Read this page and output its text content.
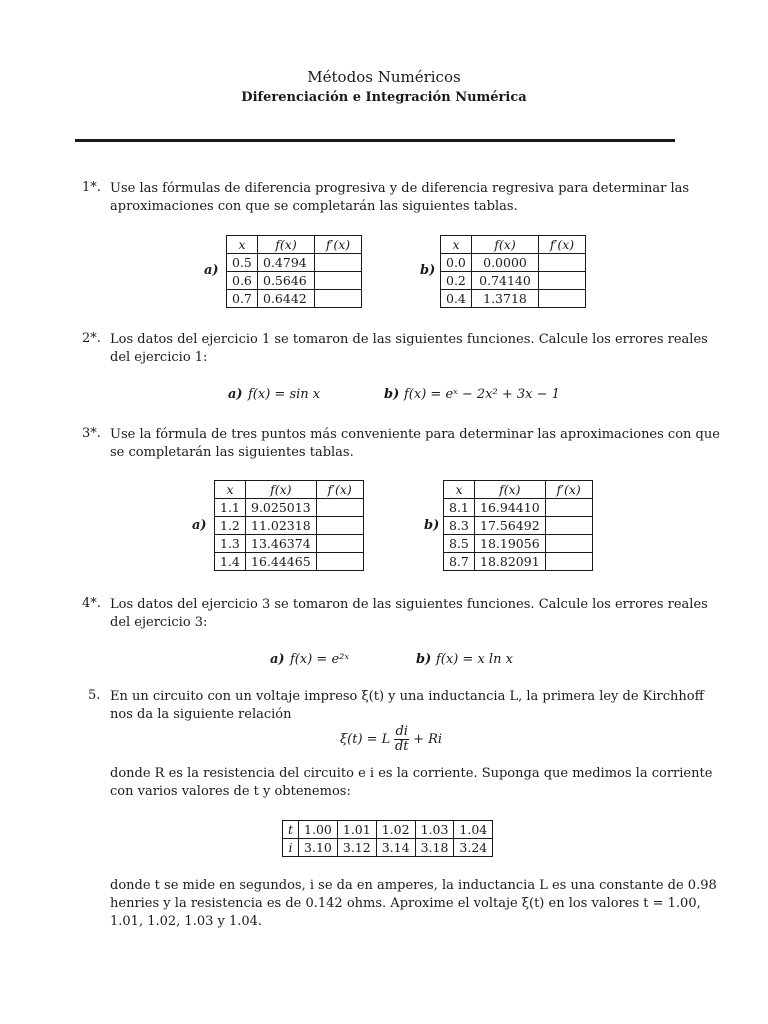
Métodos Numéricos
Diferenciación e Integración Numérica
1*. Use las fórmulas de diferencia progresiva y de diferencia regresiva para determinar las aproximaciones con que se completarán las siguientes tablas.
a)
x	f(x)	f′(x)
0.5	0.4794	
0.6	0.5646	
0.7	0.6442	
b)
x	f(x)	f′(x)
0.0	0.0000	
0.2	0.74140	
0.4	1.3718	
2*. Los datos del ejercicio 1 se tomaron de las siguientes funciones. Calcule los errores reales del ejercicio 1:
a) f(x) = sin x	b) f(x) = eˣ − 2x² + 3x − 1
3*. Use la fórmula de tres puntos más conveniente para determinar las aproximaciones con que se completarán las siguientes tablas.
a)
x	f(x)	f′(x)
1.1	9.025013	
1.2	11.02318	
1.3	13.46374	
1.4	16.44465	
b)
x	f(x)	f′(x)
8.1	16.94410	
8.3	17.56492	
8.5	18.19056	
8.7	18.82091	
4*. Los datos del ejercicio 3 se tomaron de las siguientes funciones. Calcule los errores reales del ejercicio 3:
a) f(x) = e²ˣ	b) f(x) = x ln x
5. En un circuito con un voltaje impreso ξ(t) y una inductancia L, la primera ley de Kirchhoff nos da la siguiente relación
ξ(t) = L $\frac{di}{dt} + Ri$
donde R es la resistencia del circuito e i es la corriente. Suponga que medimos la corriente con varios valores de t y obtenemos:
t	1.00	1.01	1.02	1.03	1.04
i	3.10	3.12	3.14	3.18	3.24
donde t se mide en segundos, i se da en amperes, la inductancia L es una constante de 0.98 henries y la resistencia es de 0.142 ohms. Aproxime el voltaje ξ(t) en los valores t = 1.00, 1.01, 1.02, 1.03 y 1.04.
